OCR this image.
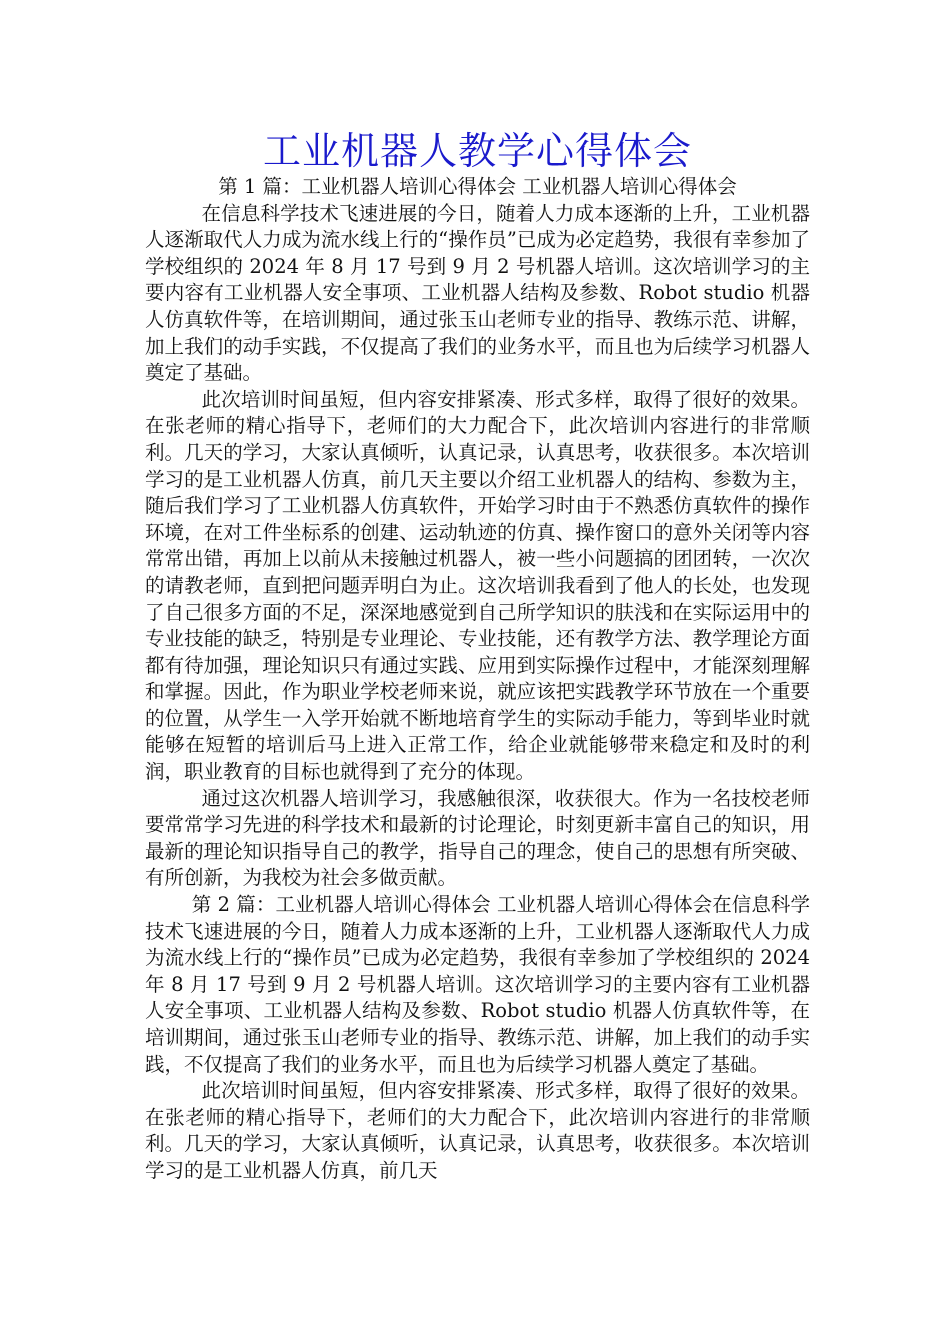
工业机器人教学心得体会

第 1 篇：工业机器人培训心得体会 工业机器人培训心得体会

在信息科学技术飞速进展的今日，随着人力成本逐渐的上升，工业机器人逐渐取代人力成为流水线上行的“操作员”已成为必定趋势，我很有幸参加了学校组织的 2024 年 8 月 17 号到 9 月 2 号机器人培训。这次培训学习的主要内容有工业机器人安全事项、工业机器人结构及参数、Robot studio 机器人仿真软件等，在培训期间，通过张玉山老师专业的指导、教练示范、讲解，加上我们的动手实践，不仅提高了我们的业务水平，而且也为后续学习机器人奠定了基础。

此次培训时间虽短，但内容安排紧凑、形式多样，取得了很好的效果。在张老师的精心指导下，老师们的大力配合下，此次培训内容进行的非常顺利。几天的学习，大家认真倾听，认真记录，认真思考，收获很多。本次培训学习的是工业机器人仿真，前几天主要以介绍工业机器人的结构、参数为主，随后我们学习了工业机器人仿真软件，开始学习时由于不熟悉仿真软件的操作环境，在对工件坐标系的创建、运动轨迹的仿真、操作窗口的意外关闭等内容常常出错，再加上以前从未接触过机器人，被一些小问题搞的团团转，一次次的请教老师，直到把问题弄明白为止。这次培训我看到了他人的长处，也发现了自己很多方面的不足，深深地感觉到自己所学知识的肤浅和在实际运用中的专业技能的缺乏，特别是专业理论、专业技能，还有教学方法、教学理论方面都有待加强，理论知识只有通过实践、应用到实际操作过程中，才能深刻理解和掌握。因此，作为职业学校老师来说，就应该把实践教学环节放在一个重要的位置，从学生一入学开始就不断地培育学生的实际动手能力，等到毕业时就能够在短暂的培训后马上进入正常工作，给企业就能够带来稳定和及时的利润，职业教育的目标也就得到了充分的体现。

通过这次机器人培训学习，我感触很深，收获很大。作为一名技校老师要常常学习先进的科学技术和最新的讨论理论，时刻更新丰富自己的知识，用最新的理论知识指导自己的教学，指导自己的理念，使自己的思想有所突破、有所创新，为我校为社会多做贡献。

第 2 篇：工业机器人培训心得体会 工业机器人培训心得体会在信息科学技术飞速进展的今日，随着人力成本逐渐的上升，工业机器人逐渐取代人力成为流水线上行的“操作员”已成为必定趋势，我很有幸参加了学校组织的 2024 年 8 月 17 号到 9 月 2 号机器人培训。这次培训学习的主要内容有工业机器人安全事项、工业机器人结构及参数、Robot studio 机器人仿真软件等，在培训期间，通过张玉山老师专业的指导、教练示范、讲解，加上我们的动手实践，不仅提高了我们的业务水平，而且也为后续学习机器人奠定了基础。

此次培训时间虽短，但内容安排紧凑、形式多样，取得了很好的效果。在张老师的精心指导下，老师们的大力配合下，此次培训内容进行的非常顺利。几天的学习，大家认真倾听，认真记录，认真思考，收获很多。本次培训学习的是工业机器人仿真，前几天
